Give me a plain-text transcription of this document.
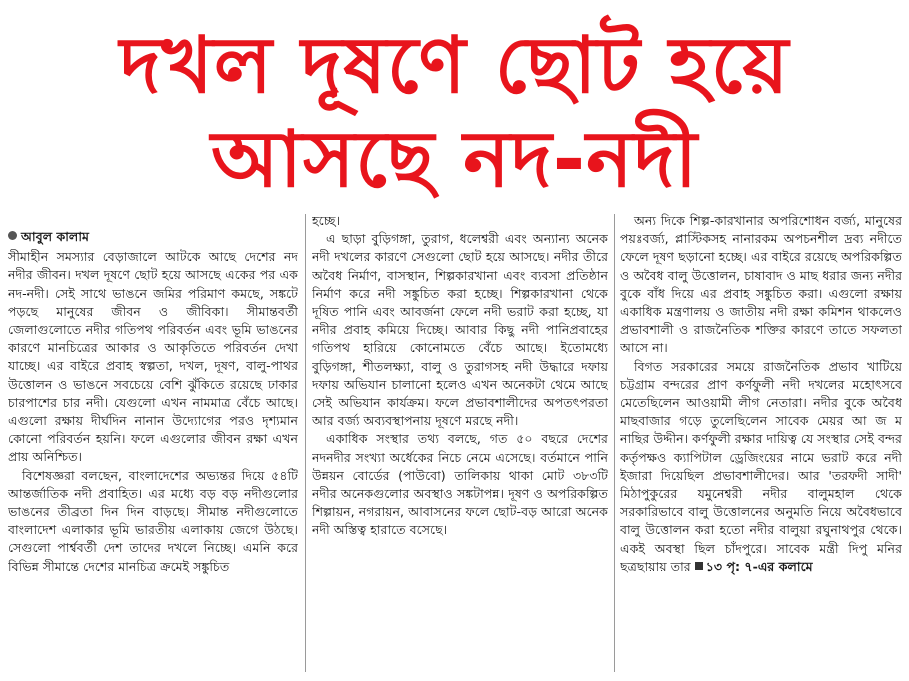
দখল দূষণে ছোট হয়ে
আসছে নদ-নদী
আবুল কালাম

সীমাহীন সমস্যার বেড়াজালে আটকে আছে দেশের নদ নদীর জীবন। দখল দূষণে ছোট হয়ে আসছে একের পর এক নদ-নদী। সেই সাথে ভাঙনে জমির পরিমাণ কমছে, সঙ্কটে পড়ছে মানুষের জীবন ও জীবিকা। সীমান্তবর্তী জেলাগুলোতে নদীর গতিপথ পরিবর্তন এবং ভূমি ভাঙনের কারণে মানচিত্রের আকার ও আকৃতিতে পরিবর্তন দেখা যাচ্ছে। এর বাইরে প্রবাহ স্বল্পতা, দখল, দূষণ, বালু-পাথর উত্তোলন ও ভাঙনে সবচেয়ে বেশি ঝুঁকিতে রয়েছে ঢাকার চারপাশের চার নদী। যেগুলো এখন নামমাত্র বেঁচে আছে। এগুলো রক্ষায় দীর্ঘদিন নানান উদ্যোগের পরও দৃশ্যমান কোনো পরিবর্তন হয়নি। ফলে এগুলোর জীবন রক্ষা এখন প্রায় অনিশ্চিত।

বিশেষজ্ঞরা বলছেন, বাংলাদেশের অভ্যন্তর দিয়ে ৫৪টি আন্তর্জাতিক নদী প্রবাহিত। এর মধ্যে বড় বড় নদীগুলোর ভাঙনের তীব্রতা দিন দিন বাড়ছে। সীমান্ত নদীগুলোতে বাংলাদেশ এলাকার ভূমি ভারতীয় এলাকায় জেগে উঠছে। সেগুলো পার্শ্ববর্তী দেশ তাদের দখলে নিচ্ছে। এমনি করে বিভিন্ন সীমান্তে দেশের মানচিত্র ক্রমেই সঙ্কুচিত

হচ্ছে।

এ ছাড়া বুড়িগঙ্গা, তুরাগ, ধলেশ্বরী এবং অন্যান্য অনেক নদী দখলের কারণে সেগুলো ছোট হয়ে আসছে। নদীর তীরে অবৈধ নির্মাণ, বাসস্থান, শিল্পকারখানা এবং ব্যবসা প্রতিষ্ঠান নির্মাণ করে নদী সঙ্কুচিত করা হচ্ছে। শিল্পকারখানা থেকে দূষিত পানি এবং আবর্জনা ফেলে নদী ভরাট করা হচ্ছে, যা নদীর প্রবাহ কমিয়ে দিচ্ছে। আবার কিছু নদী পানিপ্রবাহের গতিপথ হারিয়ে কোনোমতে বেঁচে আছে। ইতোমধ্যে বুড়িগঙ্গা, শীতলক্ষ্যা, বালু ও তুরাগসহ নদী উদ্ধারে দফায় দফায় অভিযান চালানো হলেও এখন অনেকটা থেমে আছে সেই অভিযান কার্যক্রম। ফলে প্রভাবশালীদের অপতৎপরতা আর বর্জ্য অব্যবস্থাপনায় দূষণে মরছে নদী।

একাধিক সংস্থার তথ্য বলছে, গত ৫০ বছরে দেশের নদনদীর সংখ্যা অর্ধেকের নিচে নেমে এসেছে। বর্তমানে পানি উন্নয়ন বোর্ডের (পাউবো) তালিকায় থাকা মোট ৩৮৩টি নদীর অনেকগুলোর অবস্থাও সঙ্কটাপন্ন। দূষণ ও অপরিকল্পিত শিল্পায়ন, নগরায়ন, আবাসনের ফলে ছোট-বড় আরো অনেক নদী অস্তিত্ব হারাতে বসেছে।

অন্য দিকে শিল্প-কারখানার অপরিশোধন বর্জ্য, মানুষের পয়ঃবর্জ্য, প্লাস্টিকসহ নানারকম অপচনশীল দ্রব্য নদীতে ফেলে দূষণ ছড়ানো হচ্ছে। এর বাইরে রয়েছে অপরিকল্পিত ও অবৈধ বালু উত্তোলন, চাষাবাদ ও মাছ ধরার জন্য নদীর বুকে বাঁধ দিয়ে এর প্রবাহ সঙ্কুচিত করা। এগুলো রক্ষায় একাধিক মন্ত্রণালয় ও জাতীয় নদী রক্ষা কমিশন থাকলেও প্রভাবশালী ও রাজনৈতিক শক্তির কারণে তাতে সফলতা আসে না।

বিগত সরকারের সময়ে রাজনৈতিক প্রভাব খাটিয়ে চট্টগ্রাম বন্দরের প্রাণ কর্ণফুলী নদী দখলের মহোৎসবে মেতেছিলেন আওয়ামী লীগ নেতারা। নদীর বুকে অবৈধ মাছবাজার গড়ে তুলেছিলেন সাবেক মেয়র আ জ ম নাছির উদ্দীন। কর্ণফুলী রক্ষার দায়িত্ব যে সংস্থার সেই বন্দর কর্তৃপক্ষও ক্যাপিটাল ড্রেজিংয়ের নামে ভরাট করে নদী ইজারা দিয়েছিল প্রভাবশালীদের। আর 'তরফদী সাদী' মিঠাপুকুরের যমুনেশ্বরী নদীর বালুমহাল থেকে সরকারিভাবে বালু উত্তোলনের অনুমতি নিয়ে অবৈধভাবে বালু উত্তোলন করা হতো নদীর বালুয়া রঘুনাথপুর থেকে। একই অবস্থা ছিল চাঁদপুরে। সাবেক মন্ত্রী দিপু মনির ছত্রছায়ায় তার ১৩ পৃ: ৭-এর কলামে
